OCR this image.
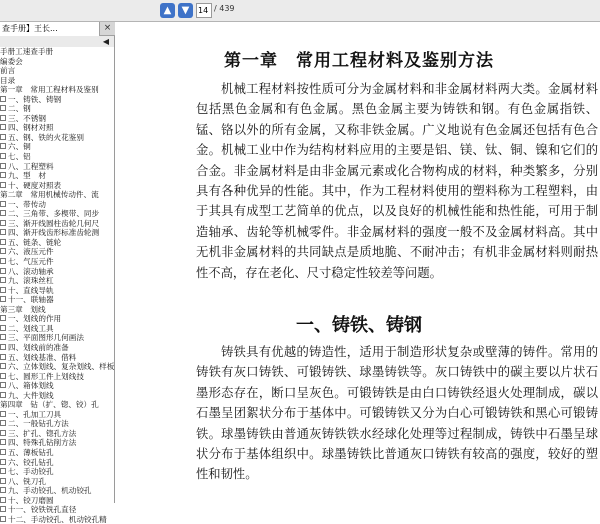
▲	▼	14 / 439
查手册】王长...	×
◀
手册工速查手册
编委会
前言
目录
第一章　常用工程材料及鉴别
一、铸铁、铸钢
二、钢
三、不锈钢
四、钢材对照
五、钢、铁的火花鉴别
六、铜
七、铝
八、工程塑料
九、型　材
十、硬度对照表
第二章　常用机械传动件、流
一、带传动
二、三角带、多楔带、同步
三、渐开线圆柱齿轮几何尺
四、渐开线齿形标准齿轮测
五、链条、链轮
六、液压元件
七、气压元件
八、滚动轴承
九、滚珠丝杠
十、直线导轨
十一、联轴器
第三章　划线
一、划线的作用
二、划线工具
三、平面图形几何画法
四、划线前的准备
五、划线基准、借料
六、立体划线、复杂划线、样板
七、圆形工件上划线技
八、箱体划线
九、大件划线
第四章　钻（扩、锪、铰）孔
一、孔加工刀具
二、一般钻孔方法
三、扩孔、锪孔方法
四、特殊孔钻削方法
五、薄板钻孔
六、铰孔钻孔
七、手动铰孔
八、铣刀孔
九、手动铰孔、机动铰孔
十、铰刀磨圆
十一、铰铁铣孔直径
十二、手动铰孔、机动铰孔精
第一章　常用工程材料及鉴别方法
机械工程材料按性质可分为金属材料和非金属材料两大类。金属材料包括黑色金属和有色金属。黑色金属主要为铸铁和钢。有色金属指铁、锰、铬以外的所有金属，又称非铁金属。广义地说有色金属还包括有色合金。机械工业中作为结构材料应用的主要是铝、镁、钛、铜、镍和它们的合金。非金属材料是由非金属元素或化合物构成的材料，种类繁多，分别具有各种优异的性能。其中，作为工程材料使用的塑料称为工程塑料，由于其具有成型工艺简单的优点，以及良好的机械性能和热性能，可用于制造轴承、齿轮等机械零件。非金属材料的强度一般不及金属材料高。其中无机非金属材料的共同缺点是质地脆、不耐冲击；有机非金属材料则耐热性不高，存在老化、尺寸稳定性较差等问题。
一、铸铁、铸钢
铸铁具有优越的铸造性，适用于制造形状复杂或壁薄的铸件。常用的铸铁有灰口铸铁、可锻铸铁、球墨铸铁等。灰口铸铁中的碳主要以片状石墨形态存在，断口呈灰色。可锻铸铁是由白口铸铁经退火处理制成，碳以石墨呈团絮状分布于基体中。可锻铸铁又分为白心可锻铸铁和黑心可锻铸铁。球墨铸铁由普通灰铸铁铁水经球化处理等过程制成，铸铁中石墨呈球状分布于基体组织中。球墨铸铁比普通灰口铸铁有较高的强度，较好的塑性和韧性。
